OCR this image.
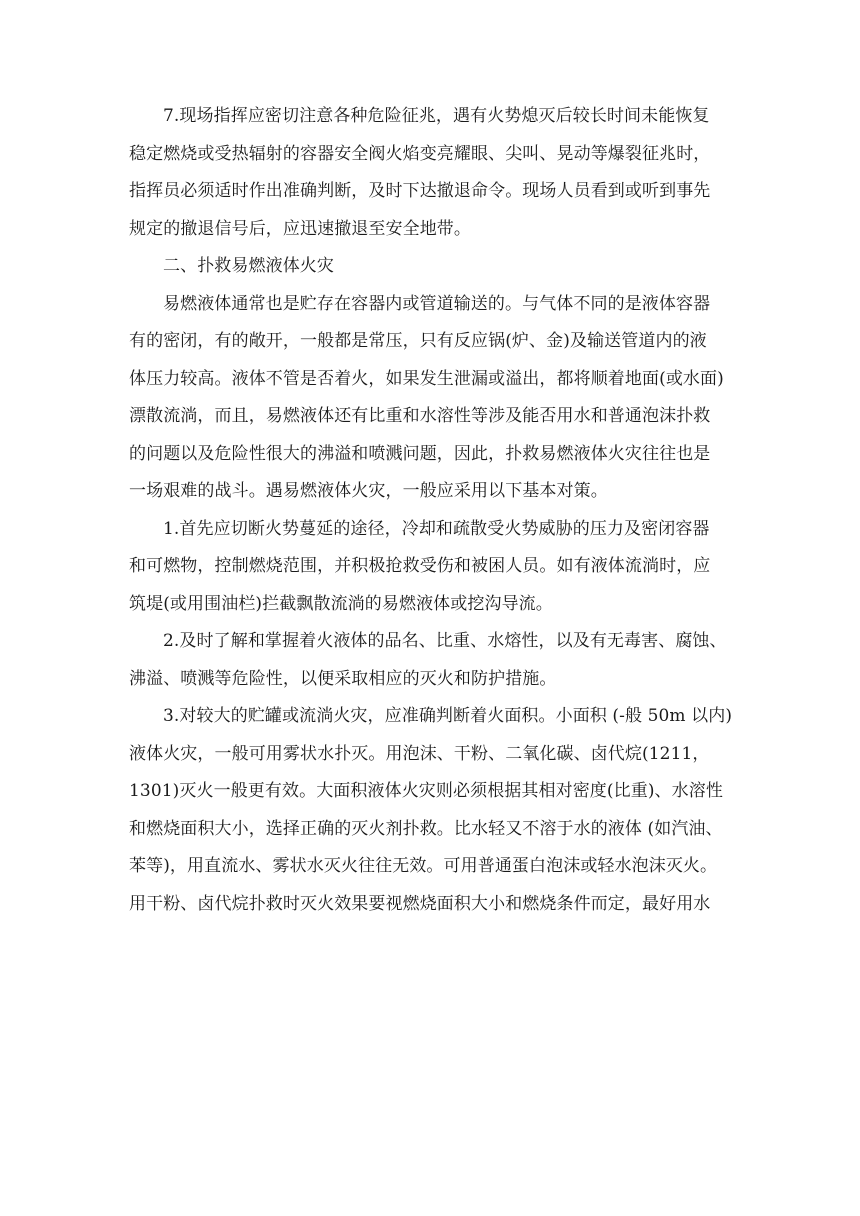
7.现场指挥应密切注意各种危险征兆，遇有火势熄灭后较长时间未能恢复
稳定燃烧或受热辐射的容器安全阀火焰变亮耀眼、尖叫、晃动等爆裂征兆时，
指挥员必须适时作出准确判断，及时下达撤退命令。现场人员看到或听到事先
规定的撤退信号后，应迅速撤退至安全地带。

二、扑救易燃液体火灾

易燃液体通常也是贮存在容器内或管道输送的。与气体不同的是液体容器
有的密闭，有的敞开，一般都是常压，只有反应锅(炉、金)及输送管道内的液
体压力较高。液体不管是否着火，如果发生泄漏或溢出，都将顺着地面(或水面)
漂散流淌，而且，易燃液体还有比重和水溶性等涉及能否用水和普通泡沫扑救
的问题以及危险性很大的沸溢和喷溅问题，因此，扑救易燃液体火灾往往也是
一场艰难的战斗。遇易燃液体火灾，一般应采用以下基本对策。

1.首先应切断火势蔓延的途径，冷却和疏散受火势威胁的压力及密闭容器
和可燃物，控制燃烧范围，并积极抢救受伤和被困人员。如有液体流淌时，应
筑堤(或用围油栏)拦截飘散流淌的易燃液体或挖沟导流。

2.及时了解和掌握着火液体的品名、比重、水熔性，以及有无毒害、腐蚀、
沸溢、喷溅等危险性，以便采取相应的灭火和防护措施。

3.对较大的贮罐或流淌火灾，应准确判断着火面积。小面积 (-般 50m 以内)
液体火灾，一般可用雾状水扑灭。用泡沫、干粉、二氧化碳、卤代烷(1211，
1301)灭火一般更有效。大面积液体火灾则必须根据其相对密度(比重)、水溶性
和燃烧面积大小，选择正确的灭火剂扑救。比水轻又不溶于水的液体 (如汽油、
苯等)，用直流水、雾状水灭火往往无效。可用普通蛋白泡沫或轻水泡沫灭火。
用干粉、卤代烷扑救时灭火效果要视燃烧面积大小和燃烧条件而定，最好用水
